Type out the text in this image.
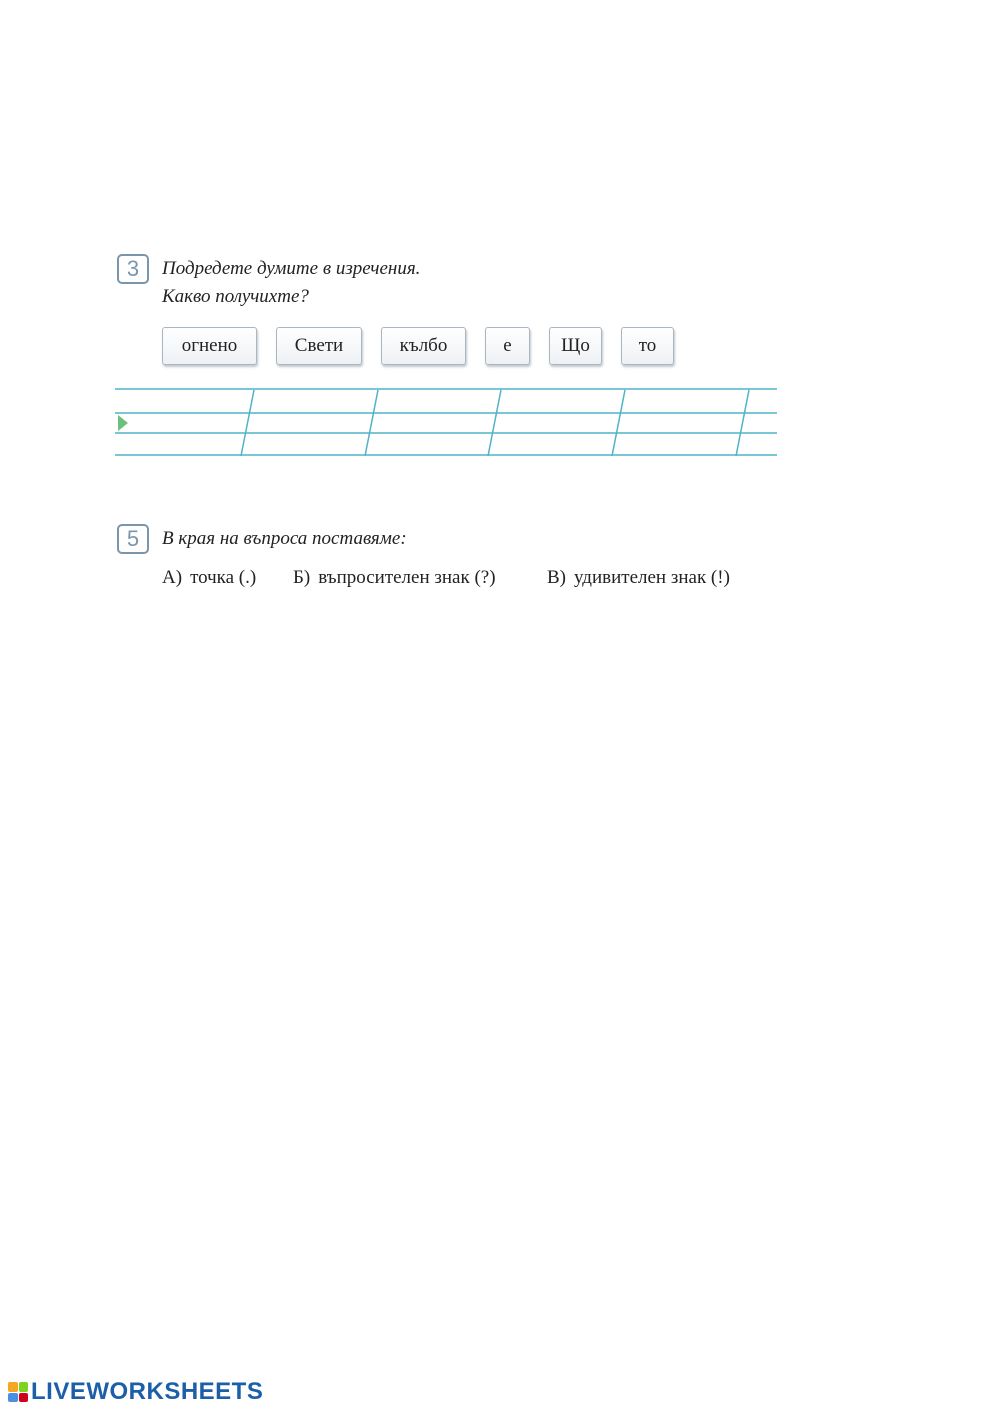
3 Подредете думите в изречения.
Какво получихте?
огнено	Свети	кълбо	е	Що	то
5 В края на въпроса поставяме:
А) точка (.) Б) въпросителен знак (?)	В) удивителен знак (!)
LIVEWORKSHEETS
